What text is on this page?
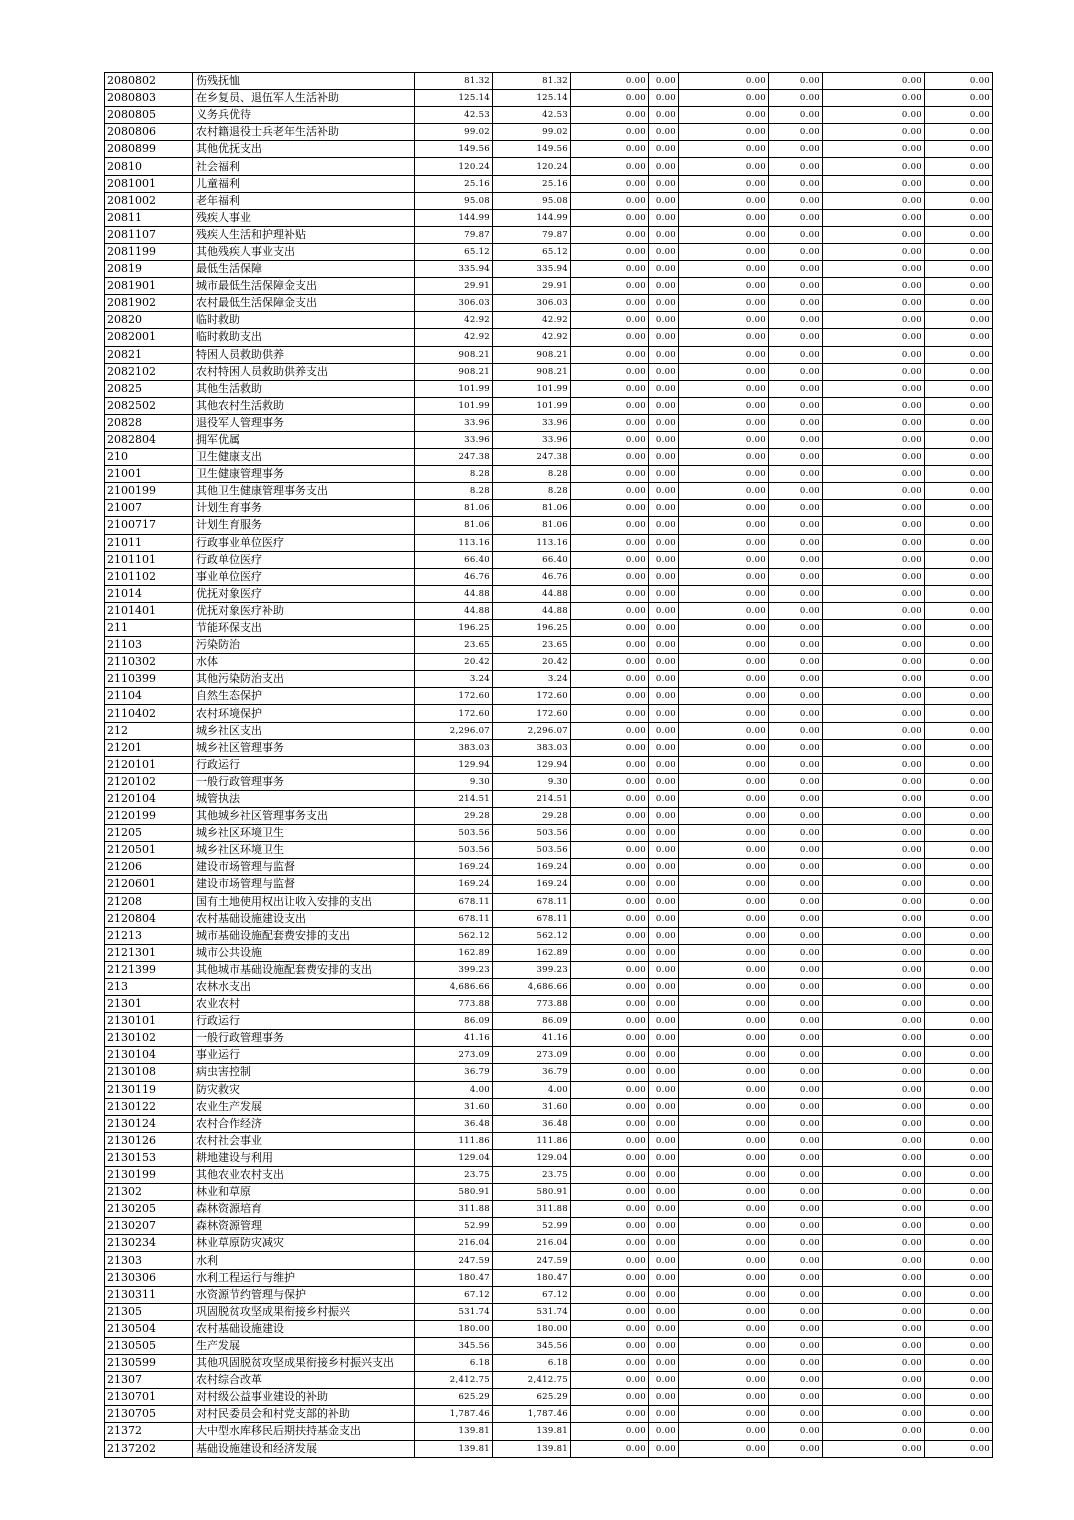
2080802	伤残抚恤	81.32	81.32	0.00	0.00	0.00	0.00	0.00	0.00
2080803	在乡复员、退伍军人生活补助	125.14	125.14	0.00	0.00	0.00	0.00	0.00	0.00
2080805	义务兵优待	42.53	42.53	0.00	0.00	0.00	0.00	0.00	0.00
2080806	农村籍退役士兵老年生活补助	99.02	99.02	0.00	0.00	0.00	0.00	0.00	0.00
2080899	其他优抚支出	149.56	149.56	0.00	0.00	0.00	0.00	0.00	0.00
20810	社会福利	120.24	120.24	0.00	0.00	0.00	0.00	0.00	0.00
2081001	儿童福利	25.16	25.16	0.00	0.00	0.00	0.00	0.00	0.00
2081002	老年福利	95.08	95.08	0.00	0.00	0.00	0.00	0.00	0.00
20811	残疾人事业	144.99	144.99	0.00	0.00	0.00	0.00	0.00	0.00
2081107	残疾人生活和护理补贴	79.87	79.87	0.00	0.00	0.00	0.00	0.00	0.00
2081199	其他残疾人事业支出	65.12	65.12	0.00	0.00	0.00	0.00	0.00	0.00
20819	最低生活保障	335.94	335.94	0.00	0.00	0.00	0.00	0.00	0.00
2081901	城市最低生活保障金支出	29.91	29.91	0.00	0.00	0.00	0.00	0.00	0.00
2081902	农村最低生活保障金支出	306.03	306.03	0.00	0.00	0.00	0.00	0.00	0.00
20820	临时救助	42.92	42.92	0.00	0.00	0.00	0.00	0.00	0.00
2082001	临时救助支出	42.92	42.92	0.00	0.00	0.00	0.00	0.00	0.00
20821	特困人员救助供养	908.21	908.21	0.00	0.00	0.00	0.00	0.00	0.00
2082102	农村特困人员救助供养支出	908.21	908.21	0.00	0.00	0.00	0.00	0.00	0.00
20825	其他生活救助	101.99	101.99	0.00	0.00	0.00	0.00	0.00	0.00
2082502	其他农村生活救助	101.99	101.99	0.00	0.00	0.00	0.00	0.00	0.00
20828	退役军人管理事务	33.96	33.96	0.00	0.00	0.00	0.00	0.00	0.00
2082804	拥军优属	33.96	33.96	0.00	0.00	0.00	0.00	0.00	0.00
210	卫生健康支出	247.38	247.38	0.00	0.00	0.00	0.00	0.00	0.00
21001	卫生健康管理事务	8.28	8.28	0.00	0.00	0.00	0.00	0.00	0.00
2100199	其他卫生健康管理事务支出	8.28	8.28	0.00	0.00	0.00	0.00	0.00	0.00
21007	计划生育事务	81.06	81.06	0.00	0.00	0.00	0.00	0.00	0.00
2100717	计划生育服务	81.06	81.06	0.00	0.00	0.00	0.00	0.00	0.00
21011	行政事业单位医疗	113.16	113.16	0.00	0.00	0.00	0.00	0.00	0.00
2101101	行政单位医疗	66.40	66.40	0.00	0.00	0.00	0.00	0.00	0.00
2101102	事业单位医疗	46.76	46.76	0.00	0.00	0.00	0.00	0.00	0.00
21014	优抚对象医疗	44.88	44.88	0.00	0.00	0.00	0.00	0.00	0.00
2101401	优抚对象医疗补助	44.88	44.88	0.00	0.00	0.00	0.00	0.00	0.00
211	节能环保支出	196.25	196.25	0.00	0.00	0.00	0.00	0.00	0.00
21103	污染防治	23.65	23.65	0.00	0.00	0.00	0.00	0.00	0.00
2110302	水体	20.42	20.42	0.00	0.00	0.00	0.00	0.00	0.00
2110399	其他污染防治支出	3.24	3.24	0.00	0.00	0.00	0.00	0.00	0.00
21104	自然生态保护	172.60	172.60	0.00	0.00	0.00	0.00	0.00	0.00
2110402	农村环境保护	172.60	172.60	0.00	0.00	0.00	0.00	0.00	0.00
212	城乡社区支出	2,296.07	2,296.07	0.00	0.00	0.00	0.00	0.00	0.00
21201	城乡社区管理事务	383.03	383.03	0.00	0.00	0.00	0.00	0.00	0.00
2120101	行政运行	129.94	129.94	0.00	0.00	0.00	0.00	0.00	0.00
2120102	一般行政管理事务	9.30	9.30	0.00	0.00	0.00	0.00	0.00	0.00
2120104	城管执法	214.51	214.51	0.00	0.00	0.00	0.00	0.00	0.00
2120199	其他城乡社区管理事务支出	29.28	29.28	0.00	0.00	0.00	0.00	0.00	0.00
21205	城乡社区环境卫生	503.56	503.56	0.00	0.00	0.00	0.00	0.00	0.00
2120501	城乡社区环境卫生	503.56	503.56	0.00	0.00	0.00	0.00	0.00	0.00
21206	建设市场管理与监督	169.24	169.24	0.00	0.00	0.00	0.00	0.00	0.00
2120601	建设市场管理与监督	169.24	169.24	0.00	0.00	0.00	0.00	0.00	0.00
21208	国有土地使用权出让收入安排的支出	678.11	678.11	0.00	0.00	0.00	0.00	0.00	0.00
2120804	农村基础设施建设支出	678.11	678.11	0.00	0.00	0.00	0.00	0.00	0.00
21213	城市基础设施配套费安排的支出	562.12	562.12	0.00	0.00	0.00	0.00	0.00	0.00
2121301	城市公共设施	162.89	162.89	0.00	0.00	0.00	0.00	0.00	0.00
2121399	其他城市基础设施配套费安排的支出	399.23	399.23	0.00	0.00	0.00	0.00	0.00	0.00
213	农林水支出	4,686.66	4,686.66	0.00	0.00	0.00	0.00	0.00	0.00
21301	农业农村	773.88	773.88	0.00	0.00	0.00	0.00	0.00	0.00
2130101	行政运行	86.09	86.09	0.00	0.00	0.00	0.00	0.00	0.00
2130102	一般行政管理事务	41.16	41.16	0.00	0.00	0.00	0.00	0.00	0.00
2130104	事业运行	273.09	273.09	0.00	0.00	0.00	0.00	0.00	0.00
2130108	病虫害控制	36.79	36.79	0.00	0.00	0.00	0.00	0.00	0.00
2130119	防灾救灾	4.00	4.00	0.00	0.00	0.00	0.00	0.00	0.00
2130122	农业生产发展	31.60	31.60	0.00	0.00	0.00	0.00	0.00	0.00
2130124	农村合作经济	36.48	36.48	0.00	0.00	0.00	0.00	0.00	0.00
2130126	农村社会事业	111.86	111.86	0.00	0.00	0.00	0.00	0.00	0.00
2130153	耕地建设与利用	129.04	129.04	0.00	0.00	0.00	0.00	0.00	0.00
2130199	其他农业农村支出	23.75	23.75	0.00	0.00	0.00	0.00	0.00	0.00
21302	林业和草原	580.91	580.91	0.00	0.00	0.00	0.00	0.00	0.00
2130205	森林资源培育	311.88	311.88	0.00	0.00	0.00	0.00	0.00	0.00
2130207	森林资源管理	52.99	52.99	0.00	0.00	0.00	0.00	0.00	0.00
2130234	林业草原防灾减灾	216.04	216.04	0.00	0.00	0.00	0.00	0.00	0.00
21303	水利	247.59	247.59	0.00	0.00	0.00	0.00	0.00	0.00
2130306	水利工程运行与维护	180.47	180.47	0.00	0.00	0.00	0.00	0.00	0.00
2130311	水资源节约管理与保护	67.12	67.12	0.00	0.00	0.00	0.00	0.00	0.00
21305	巩固脱贫攻坚成果衔接乡村振兴	531.74	531.74	0.00	0.00	0.00	0.00	0.00	0.00
2130504	农村基础设施建设	180.00	180.00	0.00	0.00	0.00	0.00	0.00	0.00
2130505	生产发展	345.56	345.56	0.00	0.00	0.00	0.00	0.00	0.00
2130599	其他巩固脱贫攻坚成果衔接乡村振兴支出	6.18	6.18	0.00	0.00	0.00	0.00	0.00	0.00
21307	农村综合改革	2,412.75	2,412.75	0.00	0.00	0.00	0.00	0.00	0.00
2130701	对村级公益事业建设的补助	625.29	625.29	0.00	0.00	0.00	0.00	0.00	0.00
2130705	对村民委员会和村党支部的补助	1,787.46	1,787.46	0.00	0.00	0.00	0.00	0.00	0.00
21372	大中型水库移民后期扶持基金支出	139.81	139.81	0.00	0.00	0.00	0.00	0.00	0.00
2137202	基础设施建设和经济发展	139.81	139.81	0.00	0.00	0.00	0.00	0.00	0.00
